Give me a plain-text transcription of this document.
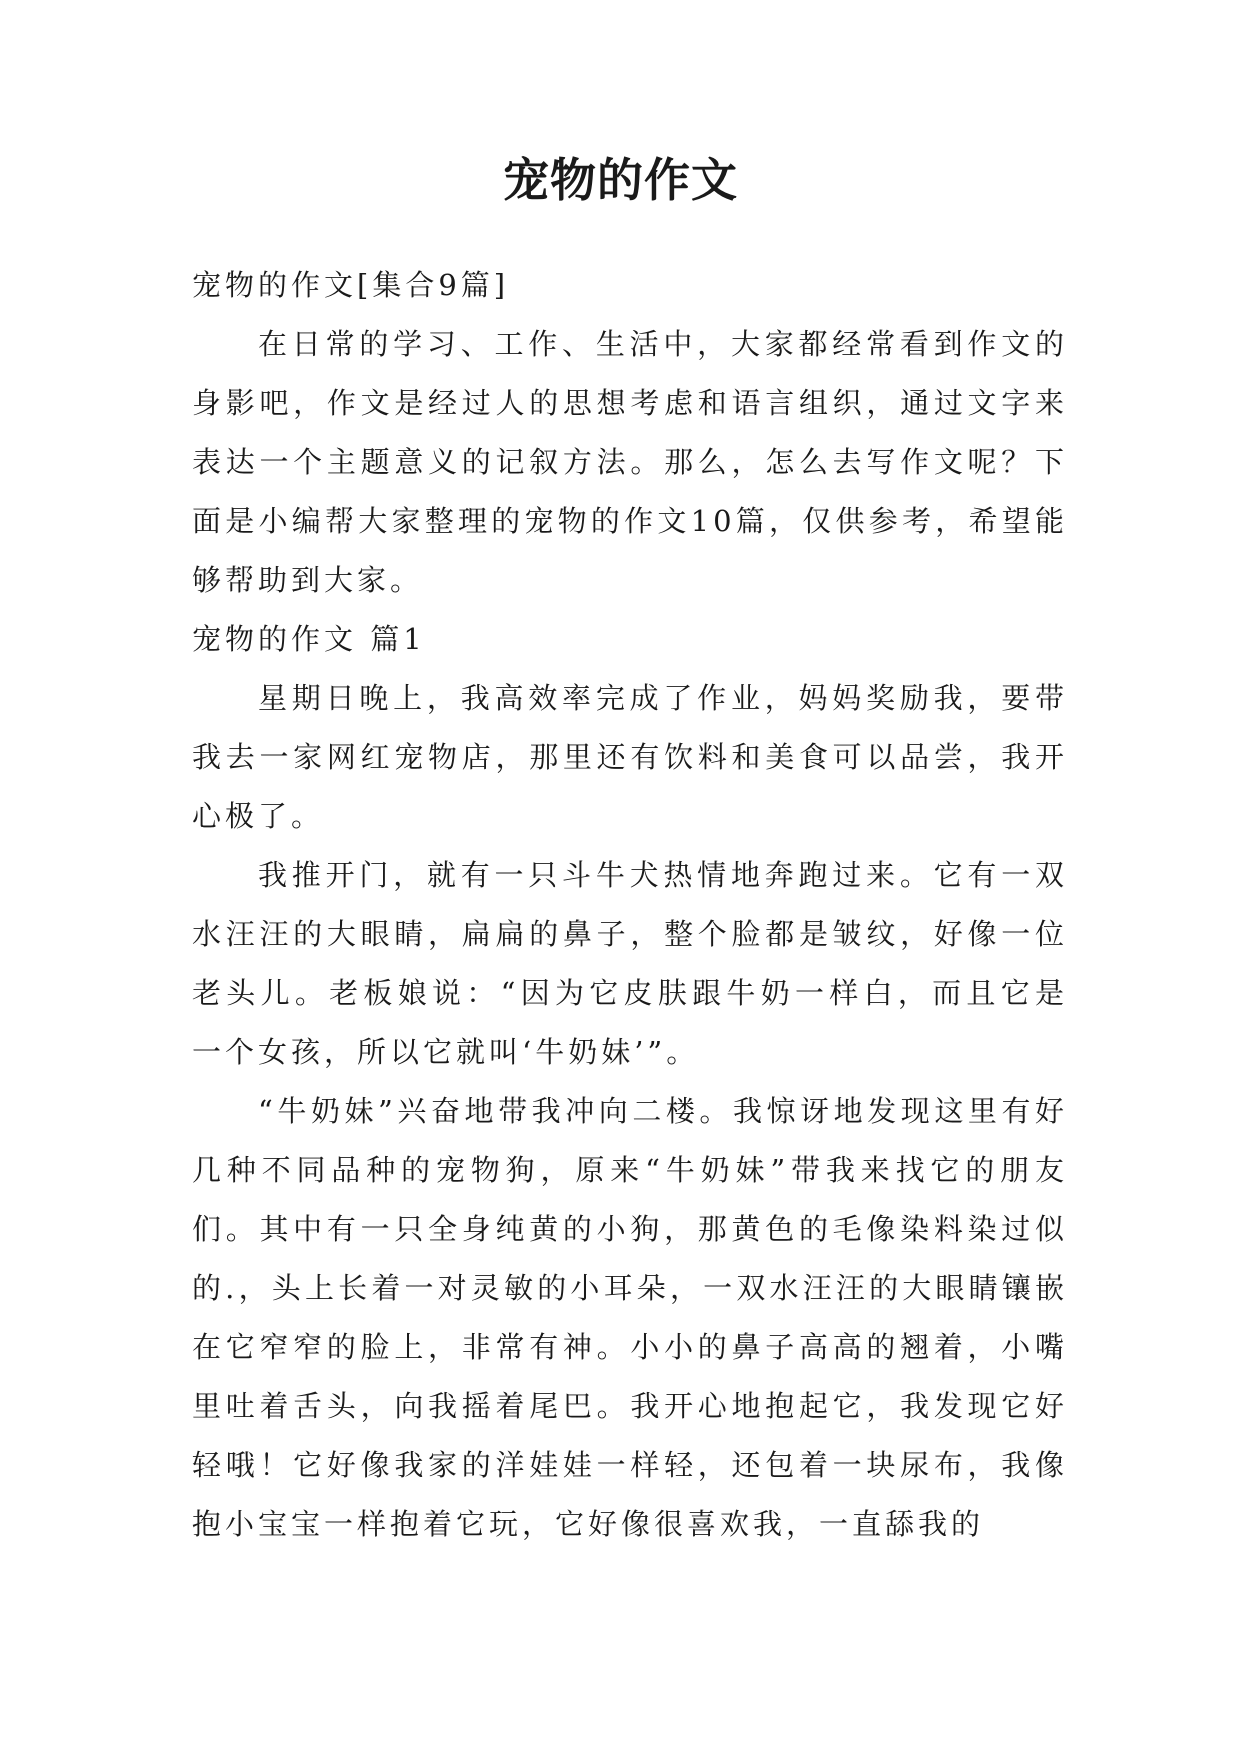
宠物的作文

宠物的作文[集合9篇]

在日常的学习、工作、生活中，大家都经常看到作文的身影吧，作文是经过人的思想考虑和语言组织，通过文字来表达一个主题意义的记叙方法。那么，怎么去写作文呢？下面是小编帮大家整理的宠物的作文10篇，仅供参考，希望能够帮助到大家。

宠物的作文 篇1

星期日晚上，我高效率完成了作业，妈妈奖励我，要带我去一家网红宠物店，那里还有饮料和美食可以品尝，我开心极了。

我推开门，就有一只斗牛犬热情地奔跑过来。它有一双水汪汪的大眼睛，扁扁的鼻子，整个脸都是皱纹，好像一位老头儿。老板娘说：“因为它皮肤跟牛奶一样白，而且它是一个女孩，所以它就叫‘牛奶妹’”。

“牛奶妹”兴奋地带我冲向二楼。我惊讶地发现这里有好几种不同品种的宠物狗，原来“牛奶妹”带我来找它的朋友们。其中有一只全身纯黄的小狗，那黄色的毛像染料染过似的.，头上长着一对灵敏的小耳朵，一双水汪汪的大眼睛镶嵌在它窄窄的脸上，非常有神。小小的鼻子高高的翘着，小嘴里吐着舌头，向我摇着尾巴。我开心地抱起它，我发现它好轻哦！它好像我家的洋娃娃一样轻，还包着一块尿布，我像抱小宝宝一样抱着它玩，它好像很喜欢我，一直舔我的
